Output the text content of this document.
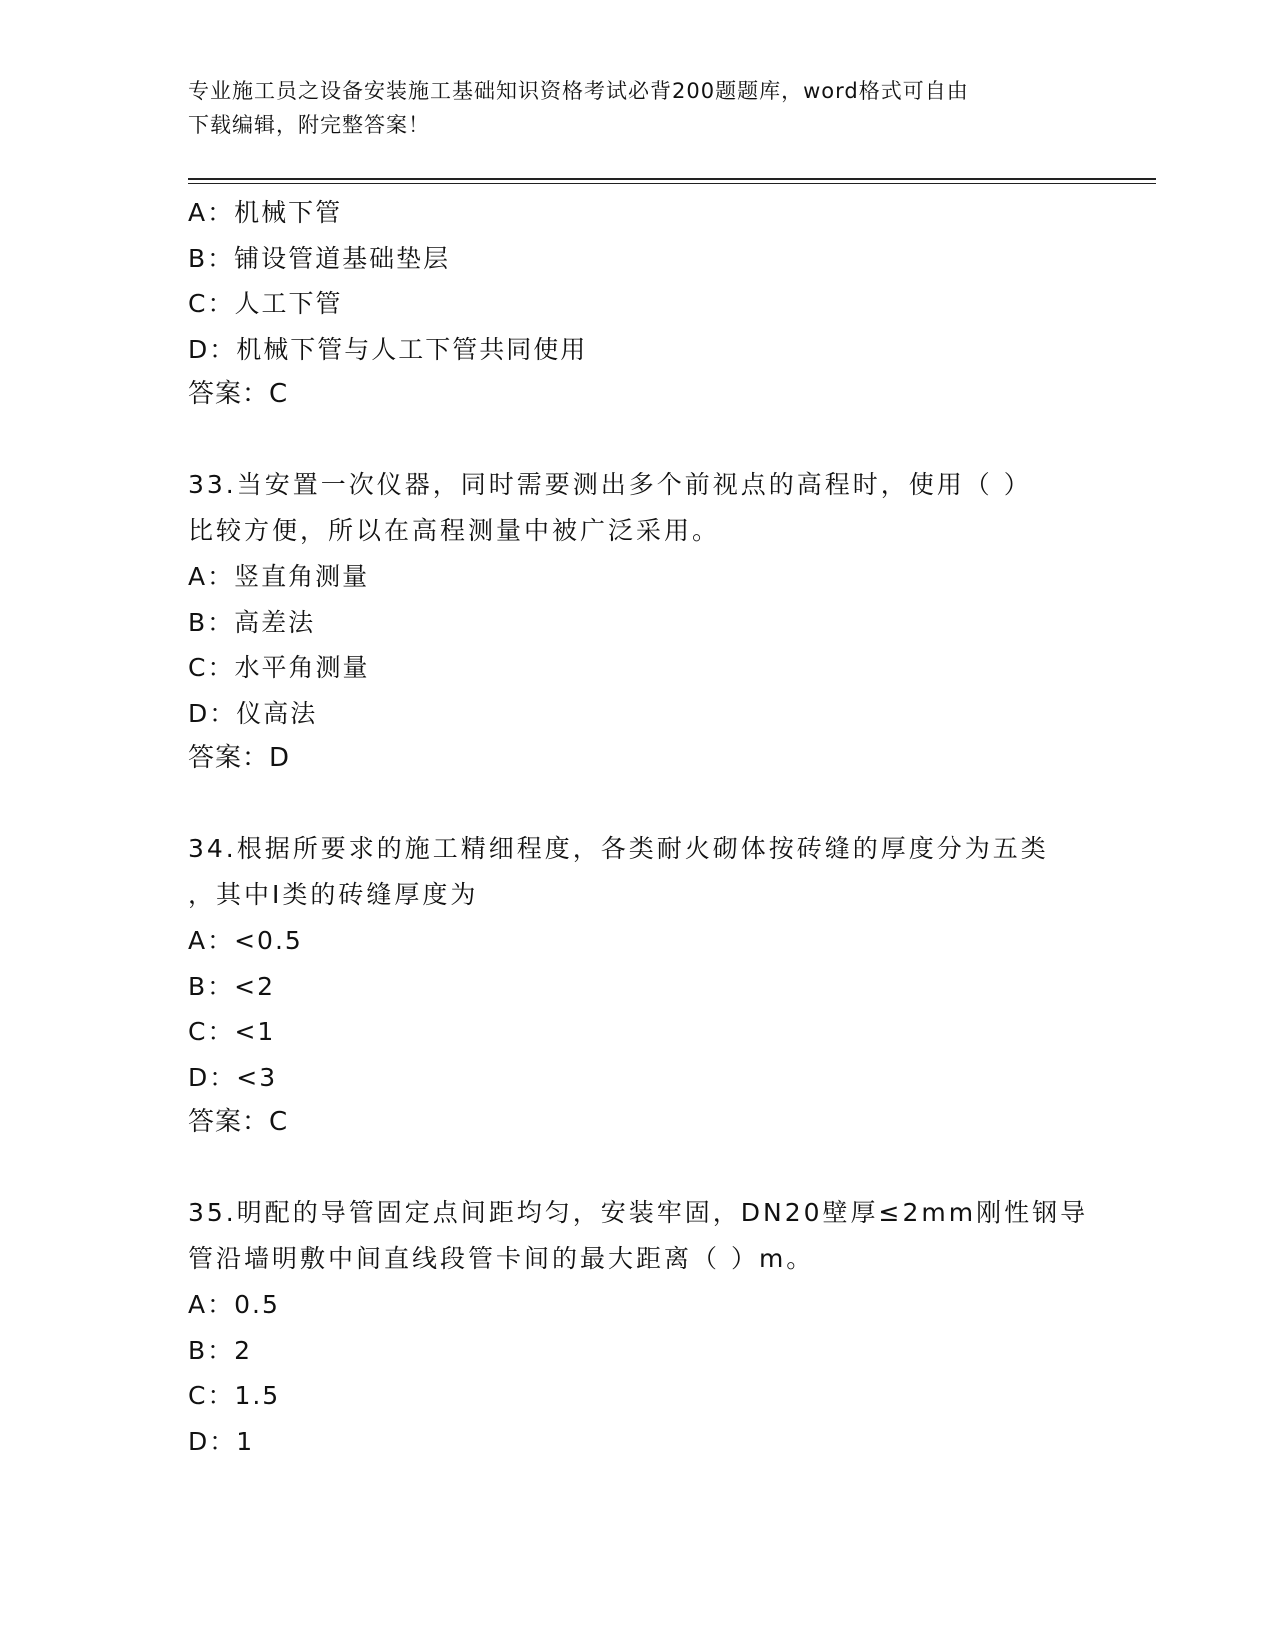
专业施工员之设备安装施工基础知识资格考试必背200题题库，word格式可自由
下载编辑，附完整答案！
A：机械下管
B：铺设管道基础垫层
C：人工下管
D：机械下管与人工下管共同使用
答案：C
33.当安置一次仪器，同时需要测出多个前视点的高程时，使用（ ）
比较方便，所以在高程测量中被广泛采用。
A：竖直角测量
B：高差法
C：水平角测量
D：仪高法
答案：D
34.根据所要求的施工精细程度，各类耐火砌体按砖缝的厚度分为五类
，其中Ⅰ类的砖缝厚度为
A：<0.5
B：<2
C：<1
D：<3
答案：C
35.明配的导管固定点间距均匀，安装牢固，DN20壁厚≤2mm刚性钢导
管沿墙明敷中间直线段管卡间的最大距离（ ）m。
A：0.5
B：2
C：1.5
D：1
